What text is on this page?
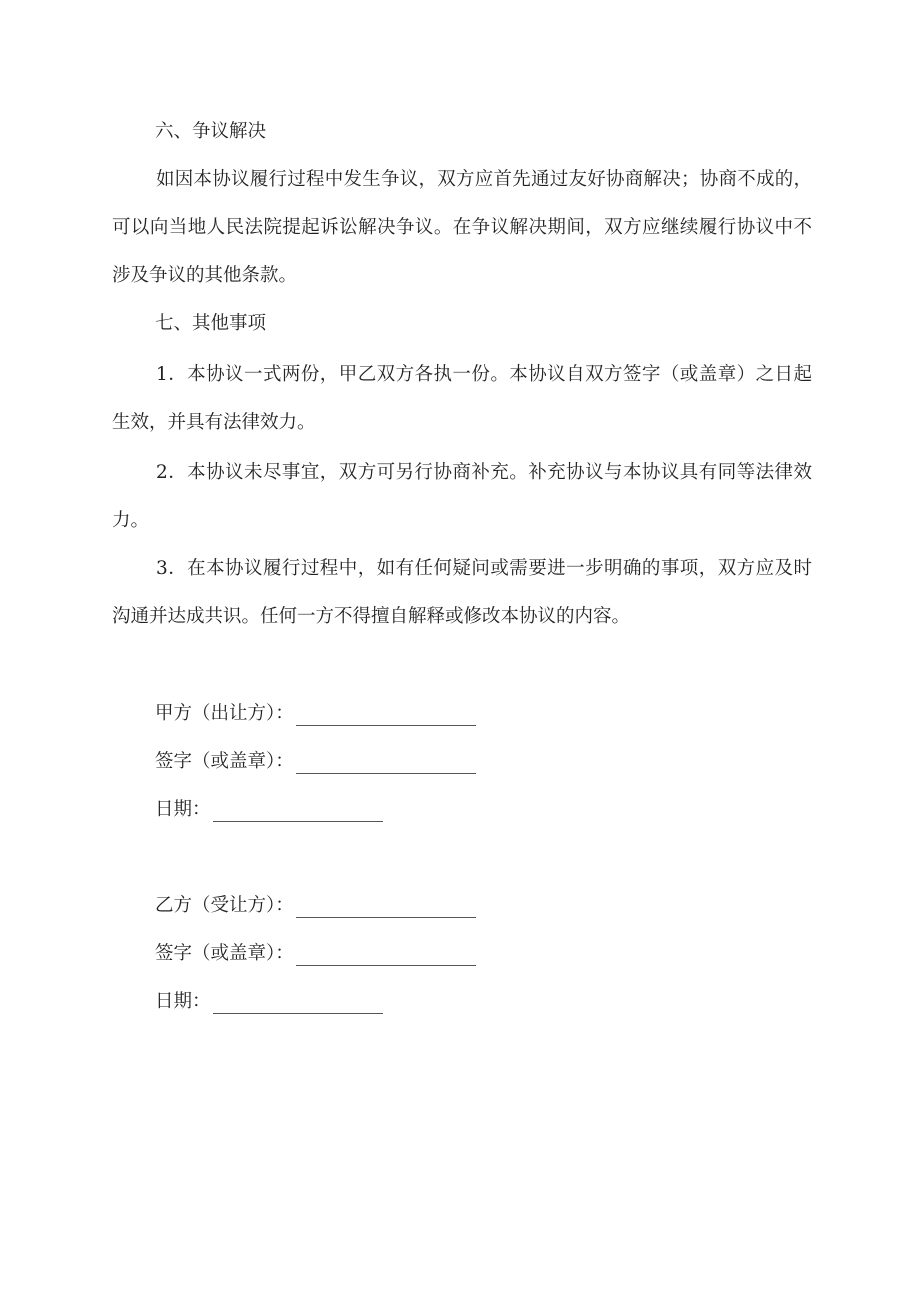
六、争议解决
如因本协议履行过程中发生争议，双方应首先通过友好协商解决；协商不成的，可以向当地人民法院提起诉讼解决争议。在争议解决期间，双方应继续履行协议中不涉及争议的其他条款。
七、其他事项
1．本协议一式两份，甲乙双方各执一份。本协议自双方签字（或盖章）之日起生效，并具有法律效力。
2．本协议未尽事宜，双方可另行协商补充。补充协议与本协议具有同等法律效力。
3．在本协议履行过程中，如有任何疑问或需要进一步明确的事项，双方应及时沟通并达成共识。任何一方不得擅自解释或修改本协议的内容。
甲方（出让方）：
签字（或盖章）：
日期：
乙方（受让方）：
签字（或盖章）：
日期：
